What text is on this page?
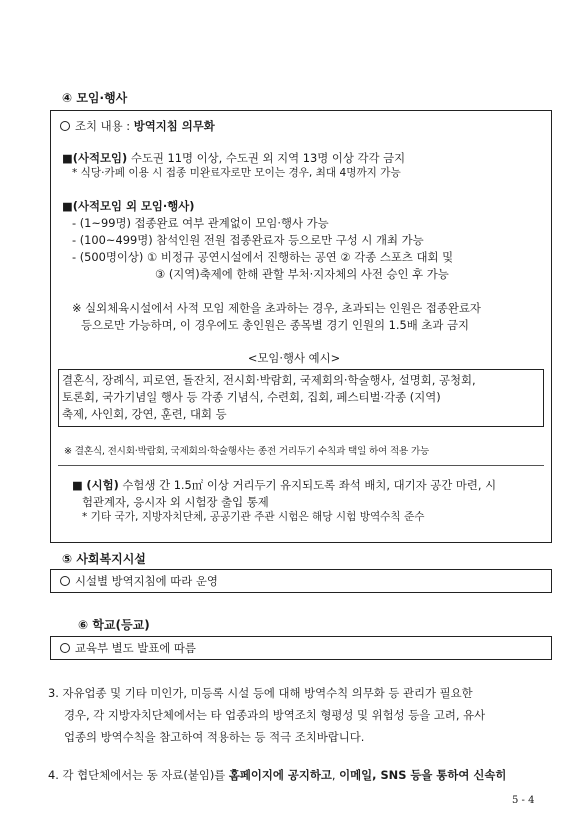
④ 모임·행사
조치 내용 : 방역지침 의무화
■(사적모임) 수도권 11명 이상, 수도권 외 지역 13명 이상 각각 금지
* 식당·카페 이용 시 접종 미완료자로만 모이는 경우, 최대 4명까지 가능
■(사적모임 외 모임·행사)
- (1~99명) 접종완료 여부 관계없이 모임·행사 가능
- (100~499명) 참석인원 전원 접종완료자 등으로만 구성 시 개최 가능
- (500명이상) ① 비정규 공연시설에서 진행하는 공연 ② 각종 스포츠 대회 및
③ (지역)축제에 한해 관할 부처·지자체의 사전 승인 후 가능
※ 실외체육시설에서 사적 모임 제한을 초과하는 경우, 초과되는 인원은 접종완료자
등으로만 가능하며, 이 경우에도 총인원은 종목별 경기 인원의 1.5배 초과 금지
<모임·행사 예시>
결혼식, 장례식, 피로연, 돌잔치, 전시회·박람회, 국제회의·학술행사, 설명회, 공청회,
토론회, 국가기념일 행사 등 각종 기념식, 수련회, 집회, 페스티벌·각종 (지역)
축제, 사인회, 강연, 훈련, 대회 등
※ 결혼식, 전시회·박람회, 국제회의·학술행사는 종전 거리두기 수칙과 택일 하여 적용 가능
■ (시험) 수험생 간 1.5㎡ 이상 거리두기 유지되도록 좌석 배치, 대기자 공간 마련, 시
험관계자, 응시자 외 시험장 출입 통제
* 기타 국가, 지방자치단체, 공공기관 주관 시험은 해당 시험 방역수칙 준수
⑤ 사회복지시설
시설별 방역지침에 따라 운영
⑥ 학교(등교)
교육부 별도 발표에 따름
3. 자유업종 및 기타 미인가, 미등록 시설 등에 대해 방역수칙 의무화 등 관리가 필요한
경우, 각 지방자치단체에서는 타 업종과의 방역조치 형평성 및 위험성 등을 고려, 유사
업종의 방역수칙을 참고하여 적용하는 등 적극 조치바랍니다.
4. 각 협단체에서는 동 자료(붙임)를 홈페이지에 공지하고, 이메일, SNS 등을 통하여 신속히
5 - 4
